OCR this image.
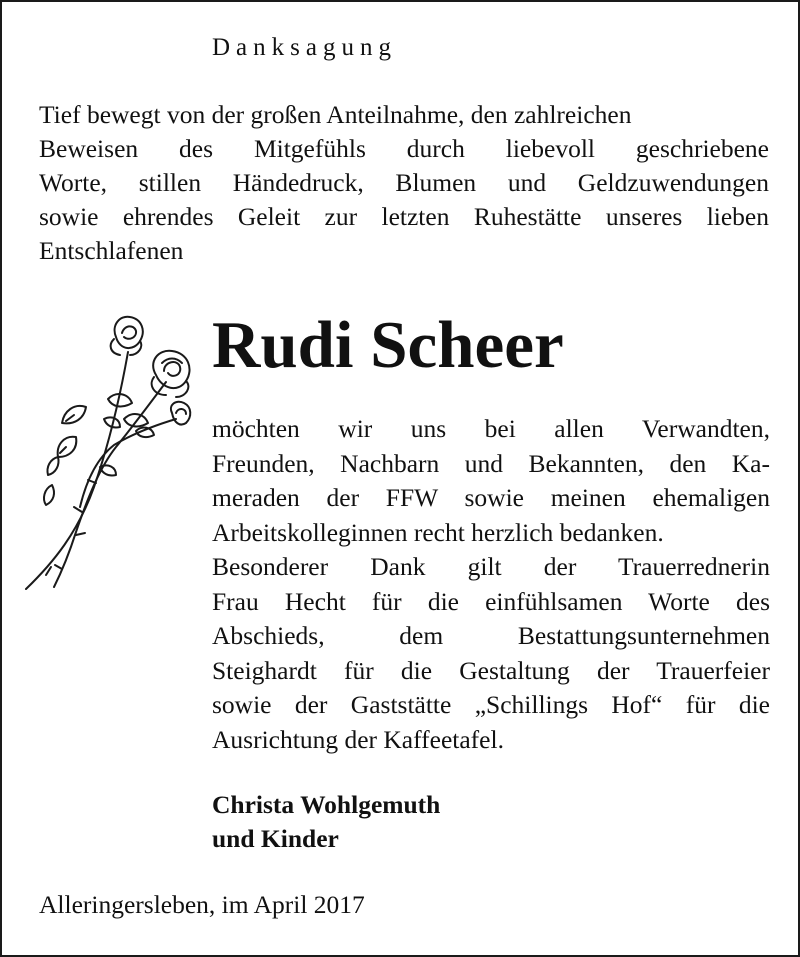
Danksagung
Tief bewegt von der großen Anteilnahme, den zahlreichen
Beweisen des Mitgefühls durch liebevoll geschriebene
Worte, stillen Händedruck, Blumen und Geldzuwendungen
sowie ehrendes Geleit zur letzten Ruhestätte unseres lieben
Entschlafenen
Rudi Scheer
möchten wir uns bei allen Verwandten,
Freunden, Nachbarn und Bekannten, den Ka-
meraden der FFW sowie meinen ehemaligen
Arbeitskolleginnen recht herzlich bedanken.
Besonderer Dank gilt der Trauerrednerin
Frau Hecht für die einfühlsamen Worte des
Abschieds, dem Bestattungsunternehmen
Steighardt für die Gestaltung der Trauerfeier
sowie der Gaststätte „Schillings Hof“ für die
Ausrichtung der Kaffeetafel.
Christa Wohlgemuth
und Kinder
Alleringersleben, im April 2017
